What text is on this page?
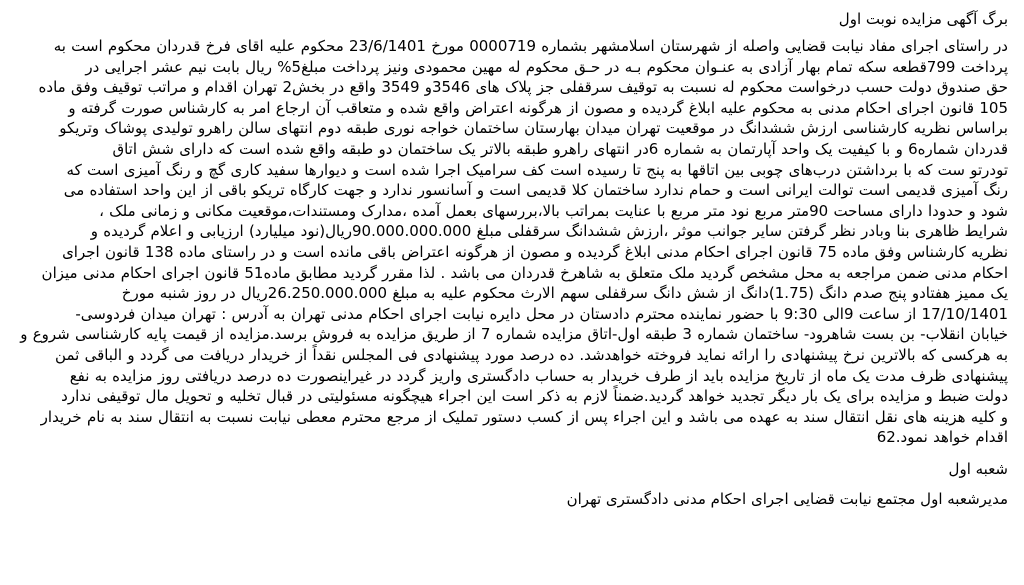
برگ آگهی مزایده نوبت اول

در راستای اجرای مفاد نیابت قضایی واصله از شهرستان اسلامشهر بشماره 0000719 مورخ 23/6/1401 محکوم علیه اقای فرخ قدردان محکوم است به
پرداخت 799قطعه سکه تمام بهار آزادی به عنـوان محکوم بـه در حـق محکوم له مهین محمودی ونیز پرداخت مبلغ5% ریال بابت نیم عشر اجرایی در
حق صندوق دولت حسب درخواست محکوم له نسبت به توقیف سرقفلی جز پلاک های 3546و 3549 واقع در بخش2 تهران اقدام و مراتب توقیف وفق ماده
105 قانون اجرای احکام مدنی به محکوم علیه ابلاغ گردیده و مصون از هرگونه اعتراض واقع شده و متعاقب آن ارجاع امر به کارشناس صورت گرفته و
براساس نظریه کارشناسی ارزش ششدانگ در موقعیت تهران میدان بهارستان ساختمان خواجه نوری طبقه دوم انتهای سالن راهرو تولیدی پوشاک وتریکو
قدردان شماره6 و با کیفیت یک واحد آپارتمان به شماره 6در انتهای راهرو طبقه بالاتر یک ساختمان دو طبقه واقع شده است که دارای شش اتاق
تودرتو ست که با برداشتن درب‌های چوبی بین اتاقها به پنج تا رسیده است کف سرامیک اجرا شده است و دیوارها سفید کاری گچ و رنگ آمیزی است که
رنگ آمیزی قدیمی است توالت ایرانی است و حمام ندارد ساختمان کلا قدیمی است و آسانسور ندارد و جهت کارگاه تریکو باقی از این واحد استفاده می
شود و حدودا دارای مساحت 90متر مربع نود متر مربع با عنایت بمراتب بالا،بررسهای بعمل آمده ،مدارک ومستندات،موقعیت مکانی و زمانی ملک ،
شرایط ظاهری بنا وبادر نظر گرفتن سایر جوانب موثر ،ارزش ششدانگ سرقفلی مبلغ 90.000.000.000ریال(نود میلیارد) ارزیابی و اعلام گردیده و
نظریه کارشناس وفق ماده 75 قانون اجرای احکام مدنی ابلاغ گردیده و مصون از هرگونه اعتراض باقی مانده است و در راستای ماده 138 قانون اجرای
احکام مدنی ضمن مراجعه به محل مشخص گردید ملک متعلق به شاهرخ قدردان می باشد . لذا مقرر گردید مطابق ماده51 قانون اجرای احکام مدنی میزان
یک ممیز هفتادو پنج صدم دانگ (1.75)دانگ از شش دانگ سرقفلی سهم الارث محکوم علیه به مبلغ 26.250.000.000ریال در روز شنبه مورخ
17/10/1401 از ساعت 9الی 9:30 با حضور نماینده محترم دادستان در محل دایره نیابت اجرای احکام مدنی تهران به آدرس : تهران میدان فردوسی-
خیابان انقلاب- بن بست شاهرود- ساختمان شماره 3 طبقه اول-اتاق مزایده شماره 7 از طریق مزایده به فروش برسد.مزایده از قیمت پایه کارشناسی شروع و
به هرکسی که بالاترین نرخ پیشنهادی را ارائه نماید فروخته خواهدشد. ده درصد مورد پیشنهادی فی المجلس نقداً از خریدار دریافت می گردد و الباقی ثمن
پیشنهادی ظرف مدت یک ماه از تاریخ مزایده باید از طرف خریدار به حساب دادگستری واریز گردد در غیراینصورت ده درصد دریافتی روز مزایده به نفع
دولت ضبط و مزایده برای یک بار دیگر تجدید خواهد گردید.ضمناً لازم به ذکر است این اجراء هیچگونه مسئولیتی در قبال تخلیه و تحویل مال توقیفی ندارد
و کلیه هزینه های نقل انتقال سند به عهده می باشد و این اجراء پس از کسب دستور تملیک از مرجع محترم معطی نیابت نسبت به انتقال سند به نام خریدار
اقدام خواهد نمود.62

شعبه اول

مدیرشعبه اول مجتمع نیابت قضایی اجرای احکام مدنی دادگستری تهران
